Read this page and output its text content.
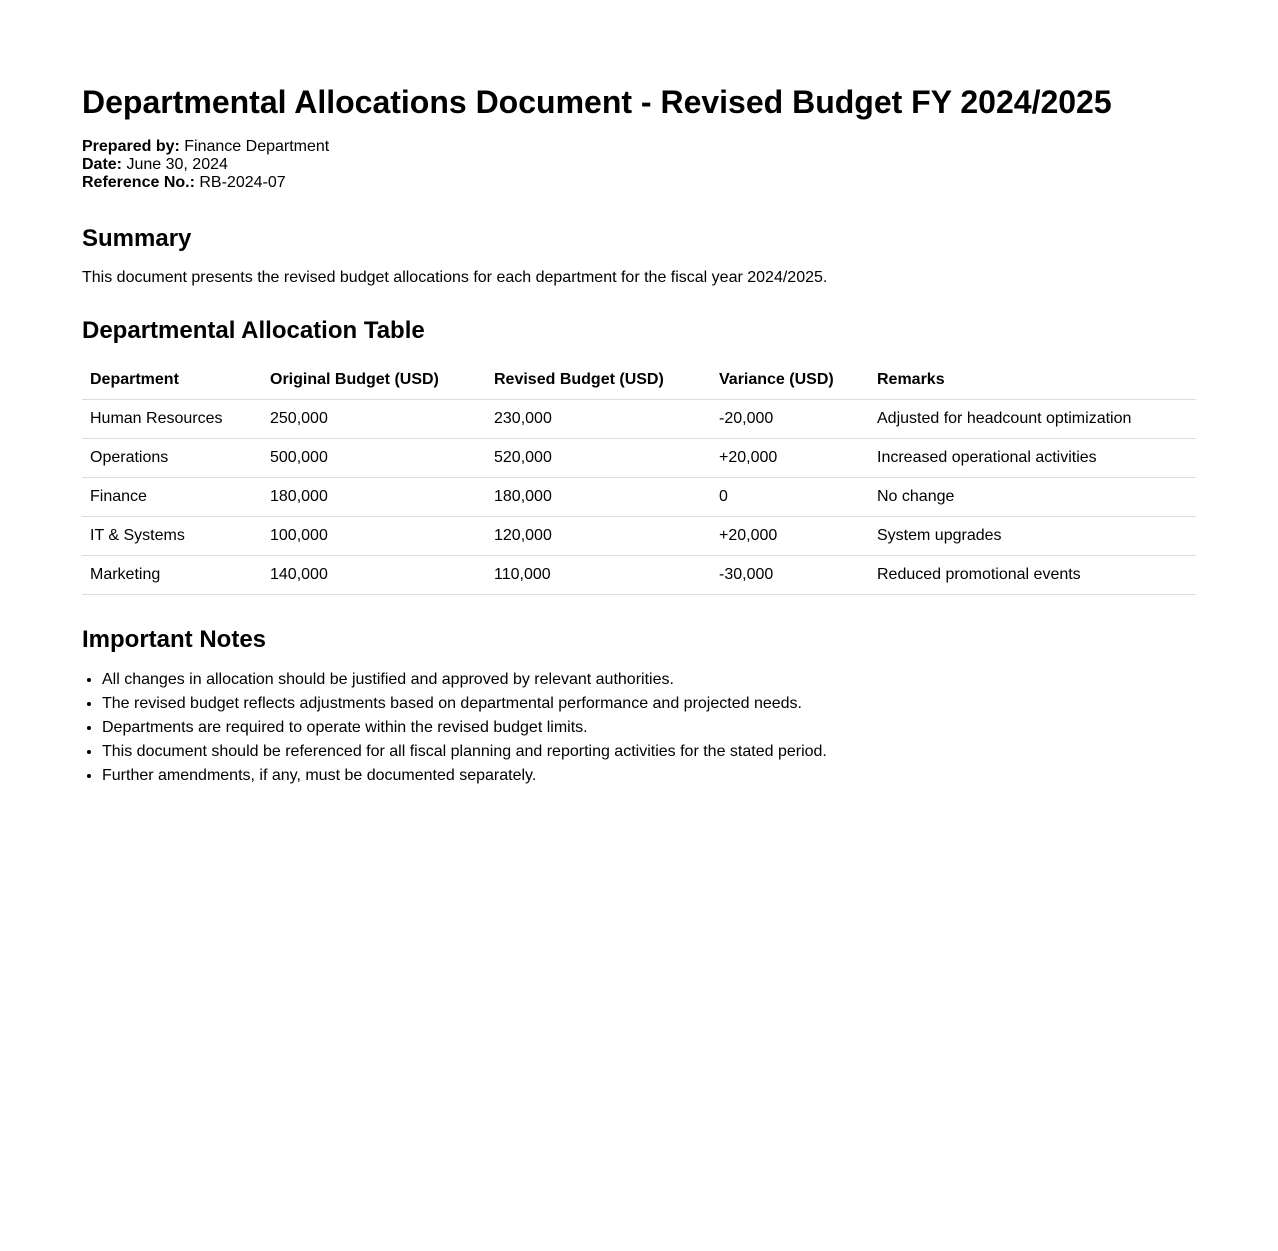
Departmental Allocations Document - Revised Budget FY 2024/2025
Prepared by: Finance Department
Date: June 30, 2024
Reference No.: RB-2024-07
Summary

This document presents the revised budget allocations for each department for the fiscal year 2024/2025.

Departmental Allocation Table
Department	Original Budget (USD)	Revised Budget (USD)	Variance (USD)	Remarks
Human Resources	250,000	230,000	-20,000	Adjusted for headcount optimization
Operations	500,000	520,000	+20,000	Increased operational activities
Finance	180,000	180,000	0	No change
IT & Systems	100,000	120,000	+20,000	System upgrades
Marketing	140,000	110,000	-30,000	Reduced promotional events
Important Notes
• All changes in allocation should be justified and approved by relevant authorities.
• The revised budget reflects adjustments based on departmental performance and projected needs.
• Departments are required to operate within the revised budget limits.
• This document should be referenced for all fiscal planning and reporting activities for the stated period.
• Further amendments, if any, must be documented separately.
